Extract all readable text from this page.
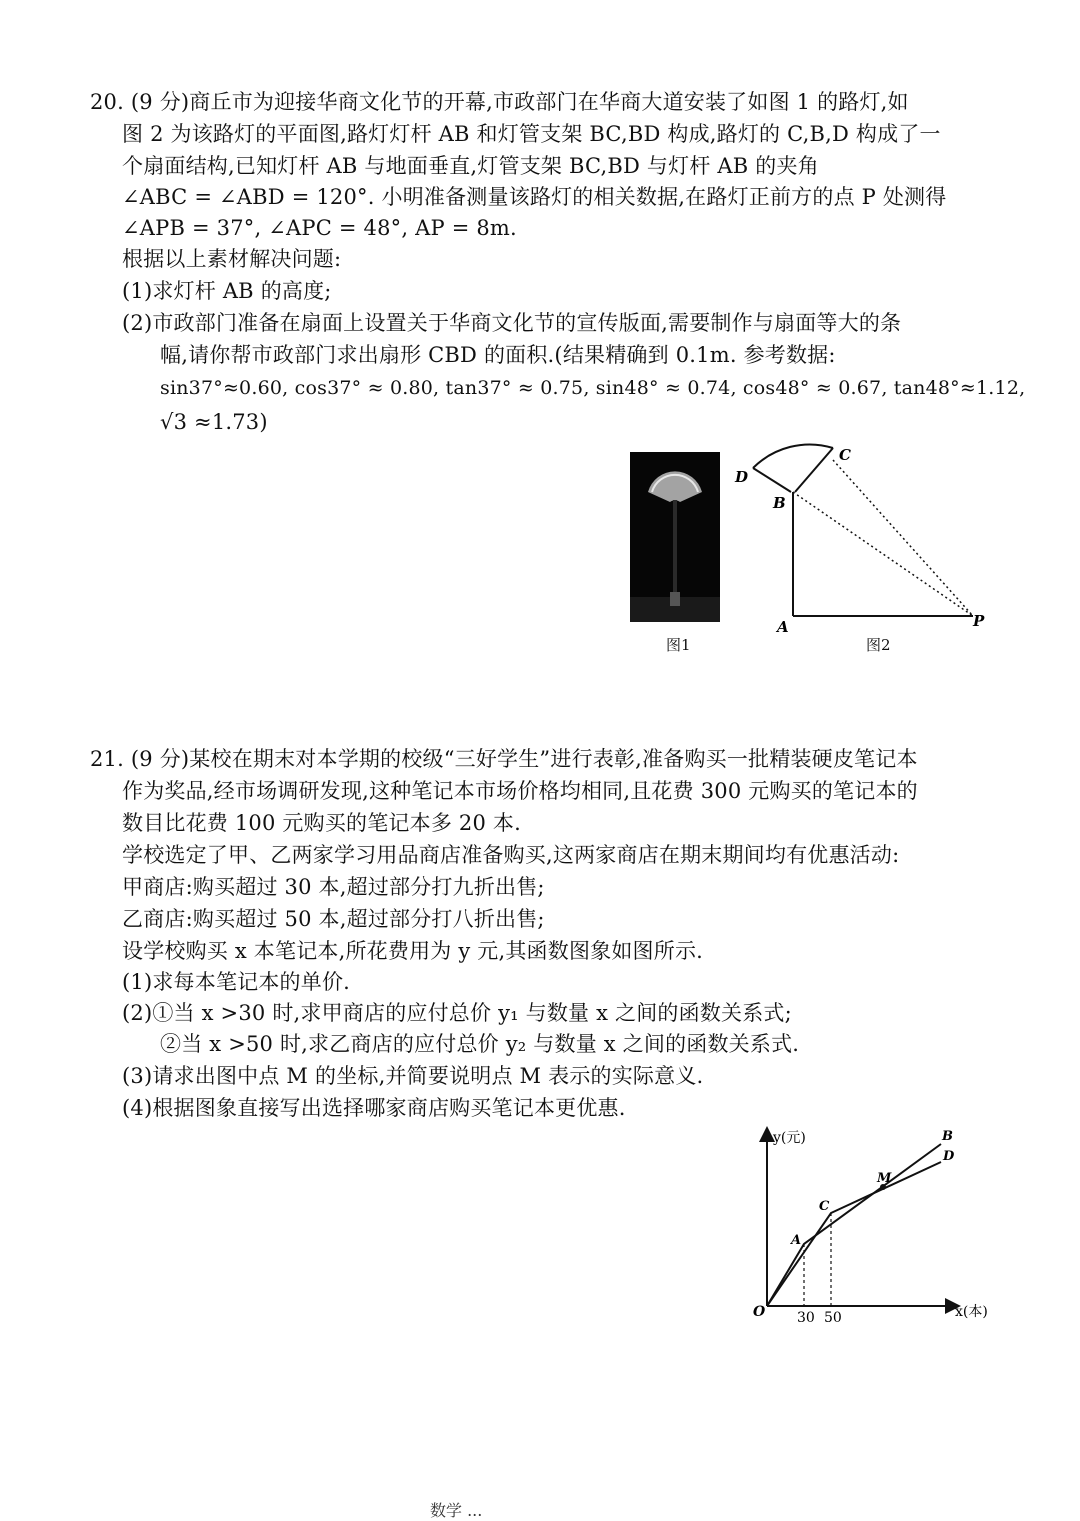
20. (9 分)商丘市为迎接华商文化节的开幕,市政部门在华商大道安装了如图 1 的路灯,如
图 2 为该路灯的平面图,路灯灯杆 AB 和灯管支架 BC,BD 构成,路灯的 C,B,D 构成了一
个扇面结构,已知灯杆 AB 与地面垂直,灯管支架 BC,BD 与灯杆 AB 的夹角
∠ABC = ∠ABD = 120°. 小明准备测量该路灯的相关数据,在路灯正前方的点 P 处测得
∠APB = 37°, ∠APC = 48°, AP = 8m.
根据以上素材解决问题:
(1)求灯杆 AB 的高度;
(2)市政部门准备在扇面上设置关于华商文化节的宣传版面,需要制作与扇面等大的条
幅,请你帮市政部门求出扇形 CBD 的面积.(结果精确到 0.1m. 参考数据:
sin37°≈0.60, cos37° ≈ 0.80, tan37° ≈ 0.75, sin48° ≈ 0.74, cos48° ≈ 0.67, tan48°≈1.12,
√3 ≈1.73)
图1
D
C
B
A	P
图2
21. (9 分)某校在期末对本学期的校级“三好学生”进行表彰,准备购买一批精装硬皮笔记本
作为奖品,经市场调研发现,这种笔记本市场价格均相同,且花费 300 元购买的笔记本的
数目比花费 100 元购买的笔记本多 20 本.
学校选定了甲、乙两家学习用品商店准备购买,这两家商店在期末期间均有优惠活动:
甲商店:购买超过 30 本,超过部分打九折出售;
乙商店:购买超过 50 本,超过部分打八折出售;
设学校购买 x 本笔记本,所花费用为 y 元,其函数图象如图所示.
(1)求每本笔记本的单价.
(2)①当 x >30 时,求甲商店的应付总价 y₁ 与数量 x 之间的函数关系式;
②当 x >50 时,求乙商店的应付总价 y₂ 与数量 x 之间的函数关系式.
(3)请求出图中点 M 的坐标,并简要说明点 M 表示的实际意义.
(4)根据图象直接写出选择哪家商店购买笔记本更优惠.
y(元)
x(本)
O 30 50
A
C
M
B
D
数学 ...
